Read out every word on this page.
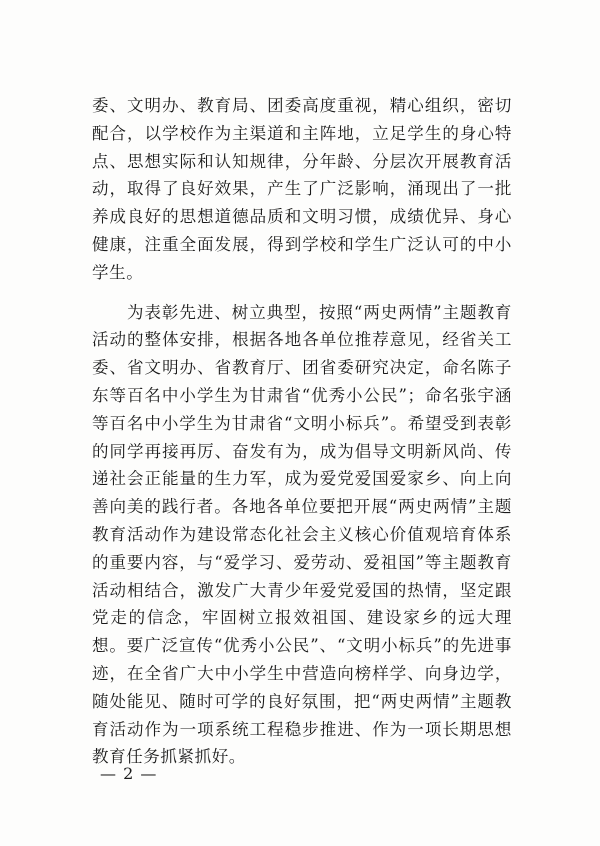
委、文明办、教育局、团委高度重视，精心组织，密切配合，以学校作为主渠道和主阵地，立足学生的身心特点、思想实际和认知规律，分年龄、分层次开展教育活动，取得了良好效果，产生了广泛影响，涌现出了一批养成良好的思想道德品质和文明习惯，成绩优异、身心健康，注重全面发展，得到学校和学生广泛认可的中小学生。

为表彰先进、树立典型，按照“两史两情”主题教育活动的整体安排，根据各地各单位推荐意见，经省关工委、省文明办、省教育厅、团省委研究决定，命名陈子东等百名中小学生为甘肃省“优秀小公民”；命名张宇涵等百名中小学生为甘肃省“文明小标兵”。希望受到表彰的同学再接再厉、奋发有为，成为倡导文明新风尚、传递社会正能量的生力军，成为爱党爱国爱家乡、向上向善向美的践行者。各地各单位要把开展“两史两情”主题教育活动作为建设常态化社会主义核心价值观培育体系的重要内容，与“爱学习、爱劳动、爱祖国”等主题教育活动相结合，激发广大青少年爱党爱国的热情，坚定跟党走的信念，牢固树立报效祖国、建设家乡的远大理想。要广泛宣传“优秀小公民”、“文明小标兵”的先进事迹，在全省广大中小学生中营造向榜样学、向身边学，随处能见、随时可学的良好氛围，把“两史两情”主题教育活动作为一项系统工程稳步推进、作为一项长期思想教育任务抓紧抓好。

— 2 —
